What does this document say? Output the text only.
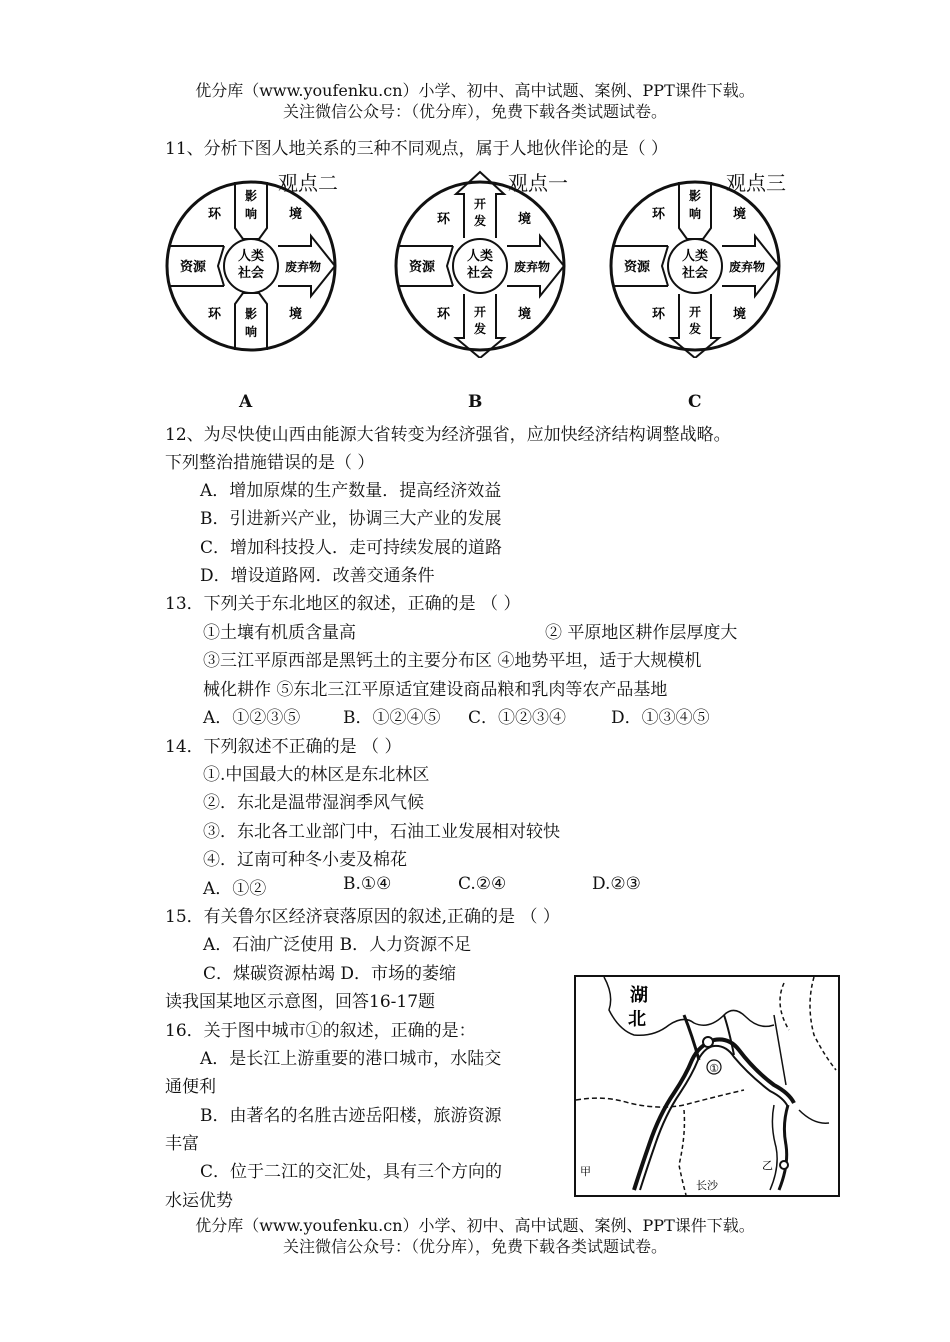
优分库（www.youfenku.cn）小学、初中、高中试题、案例、PPT课件下载。
关注微信公众号：（优分库），免费下载各类试题试卷。
11、分析下图人地关系的三种不同观点，属于人地伙伴论的是（ ）
人类
社会
资源	废弃物
影
响
影
响
环	境
环	境
观点二
人类
社会
资源	废弃物
开
发
开
发
环	境
环	境
观点一
人类
社会
资源	废弃物
影
响
开
发
环	境
环	境
观点三
A	B	C
12、为尽快使山西由能源大省转变为经济强省，应加快经济结构调整战略。
下列整治措施错误的是（ ）
A．增加原煤的生产数量．提高经济效益
B．引进新兴产业，协调三大产业的发展
C．增加科技投人．走可持续发展的道路
D．增设道路网．改善交通条件
13．下列关于东北地区的叙述，正确的是 （ ）
①土壤有机质含量高	② 平原地区耕作层厚度大
③三江平原西部是黑钙土的主要分布区 ④地势平坦，适于大规模机
械化耕作 ⑤东北三江平原适宜建设商品粮和乳肉等农产品基地
A．①②③⑤	B．①②④⑤ C．①②③④	D．①③④⑤
14．下列叙述不正确的是 （ ）
①.中国最大的林区是东北林区
②．东北是温带湿润季风气候
③．东北各工业部门中，石油工业发展相对较快
④．辽南可种冬小麦及棉花
A．①②	B.①④	C.②④	D.②③
15．有关鲁尔区经济衰落原因的叙述,正确的是 （ ）
A．石油广泛使用 B．人力资源不足
C．煤碳资源枯竭 D．市场的萎缩
读我国某地区示意图，回答16-17题
16．关于图中城市①的叙述，正确的是：
A．是长江上游重要的港口城市，水陆交
通便利
B．由著名的名胜古迹岳阳楼，旅游资源
丰富
C．位于二江的交汇处，具有三个方向的
水运优势
①
湖
北
甲	乙
长沙
优分库（www.youfenku.cn）小学、初中、高中试题、案例、PPT课件下载。
关注微信公众号：（优分库），免费下载各类试题试卷。
